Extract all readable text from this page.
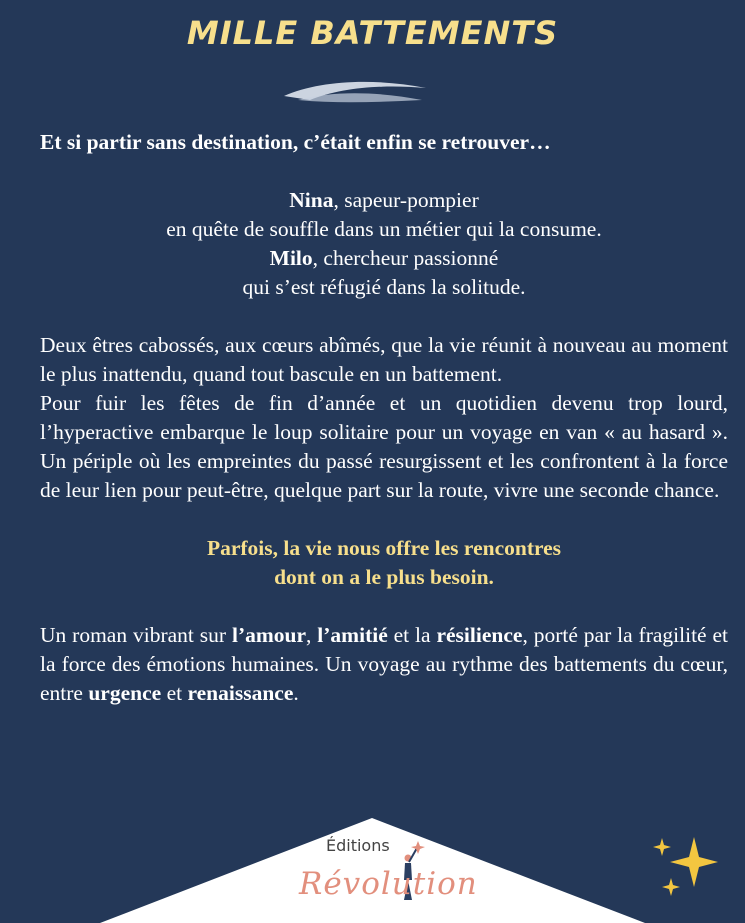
MILLE BATTEMENTS

Et si partir sans destination, c’était enfin se retrouver…

Nina, sapeur-pompier

en quête de souffle dans un métier qui la consume.

Milo, chercheur passionné

qui s’est réfugié dans la solitude.

Deux êtres cabossés, aux cœurs abîmés, que la vie réunit à nouveau au moment le plus inattendu, quand tout bascule en un battement.

Pour fuir les fêtes de fin d’année et un quotidien devenu trop lourd, l’hyperactive embarque le loup solitaire pour un voyage en van « au hasard ». Un périple où les empreintes du passé resurgissent et les confrontent à la force de leur lien pour peut-être, quelque part sur la route, vivre une seconde chance.

Parfois, la vie nous offre les rencontres

dont on a le plus besoin.

Un roman vibrant sur l’amour, l’amitié et la résilience, porté par la fragilité et la force des émotions humaines. Un voyage au rythme des battements du cœur, entre urgence et renaissance.

Éditions
Révolution
